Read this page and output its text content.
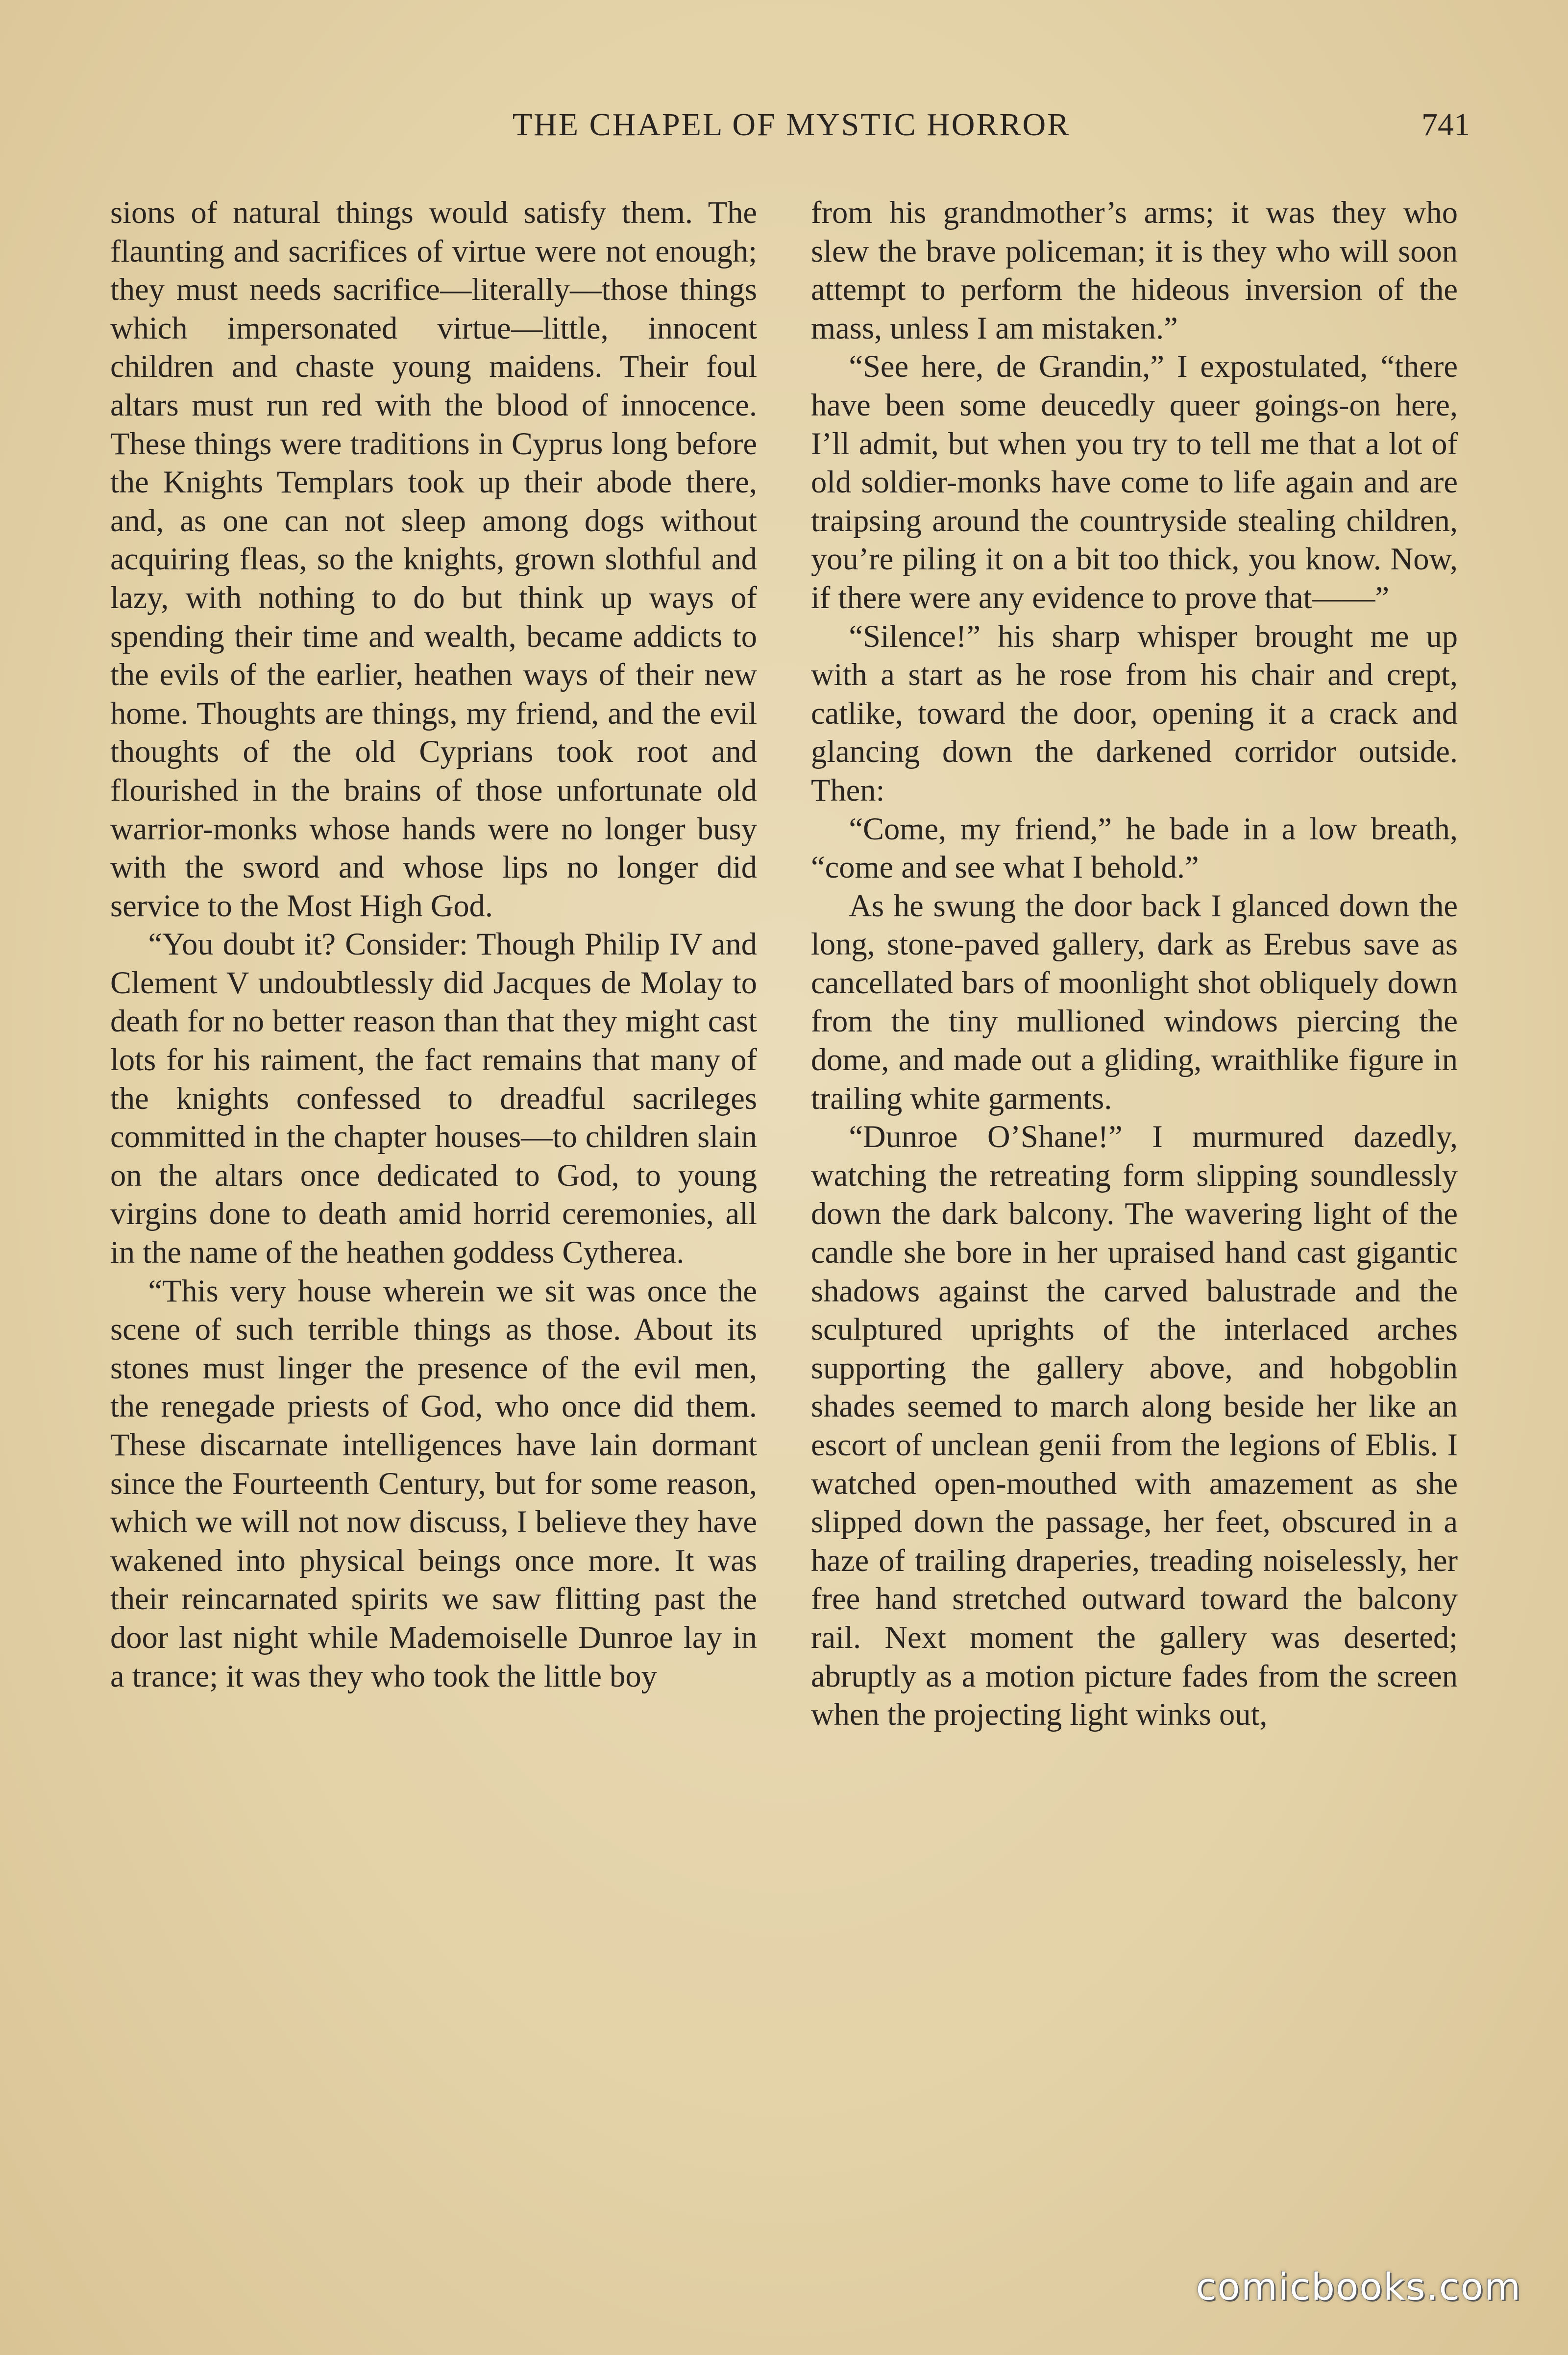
THE CHAPEL OF MYSTIC HORROR	741

sions of natural things would satisfy them. The flaunting and sacrifices of virtue were not enough; they must needs sacrifice—literally—those things which impersonated virtue—little, innocent children and chaste young maidens. Their foul altars must run red with the blood of innocence. These things were traditions in Cyprus long before the Knights Templars took up their abode there, and, as one can not sleep among dogs without acquiring fleas, so the knights, grown slothful and lazy, with nothing to do but think up ways of spending their time and wealth, became addicts to the evils of the earlier, heathen ways of their new home. Thoughts are things, my friend, and the evil thoughts of the old Cyprians took root and flourished in the brains of those unfortunate old warrior-monks whose hands were no longer busy with the sword and whose lips no longer did service to the Most High God.

“You doubt it? Consider: Though Philip IV and Clement V undoubtlessly did Jacques de Molay to death for no better reason than that they might cast lots for his raiment, the fact remains that many of the knights confessed to dreadful sacrileges committed in the chapter houses—to children slain on the altars once dedicated to God, to young virgins done to death amid horrid ceremonies, all in the name of the heathen goddess Cytherea.

“This very house wherein we sit was once the scene of such terrible things as those. About its stones must linger the presence of the evil men, the renegade priests of God, who once did them. These discarnate intelligences have lain dormant since the Fourteenth Century, but for some reason, which we will not now discuss, I believe they have wakened into physical beings once more. It was their reincarnated spirits we saw flitting past the door last night while Mademoiselle Dunroe lay in a trance; it was they who took the little boy

from his grandmother’s arms; it was they who slew the brave policeman; it is they who will soon attempt to perform the hideous inversion of the mass, unless I am mistaken.”

“See here, de Grandin,” I expostulated, “there have been some deucedly queer goings-on here, I’ll admit, but when you try to tell me that a lot of old soldier-monks have come to life again and are traipsing around the countryside stealing children, you’re piling it on a bit too thick, you know. Now, if there were any evidence to prove that——”

“Silence!” his sharp whisper brought me up with a start as he rose from his chair and crept, catlike, toward the door, opening it a crack and glancing down the darkened corridor outside. Then:

“Come, my friend,” he bade in a low breath, “come and see what I behold.”

As he swung the door back I glanced down the long, stone-paved gallery, dark as Erebus save as cancellated bars of moonlight shot obliquely down from the tiny mullioned windows piercing the dome, and made out a gliding, wraithlike figure in trailing white garments.

“Dunroe O’Shane!” I murmured dazedly, watching the retreating form slipping soundlessly down the dark balcony. The wavering light of the candle she bore in her upraised hand cast gigantic shadows against the carved balustrade and the sculptured uprights of the interlaced arches supporting the gallery above, and hobgoblin shades seemed to march along beside her like an escort of unclean genii from the legions of Eblis. I watched open-mouthed with amazement as she slipped down the passage, her feet, obscured in a haze of trailing draperies, treading noiselessly, her free hand stretched outward toward the balcony rail. Next moment the gallery was deserted; abruptly as a motion picture fades from the screen when the projecting light winks out,

comicbooks.com
